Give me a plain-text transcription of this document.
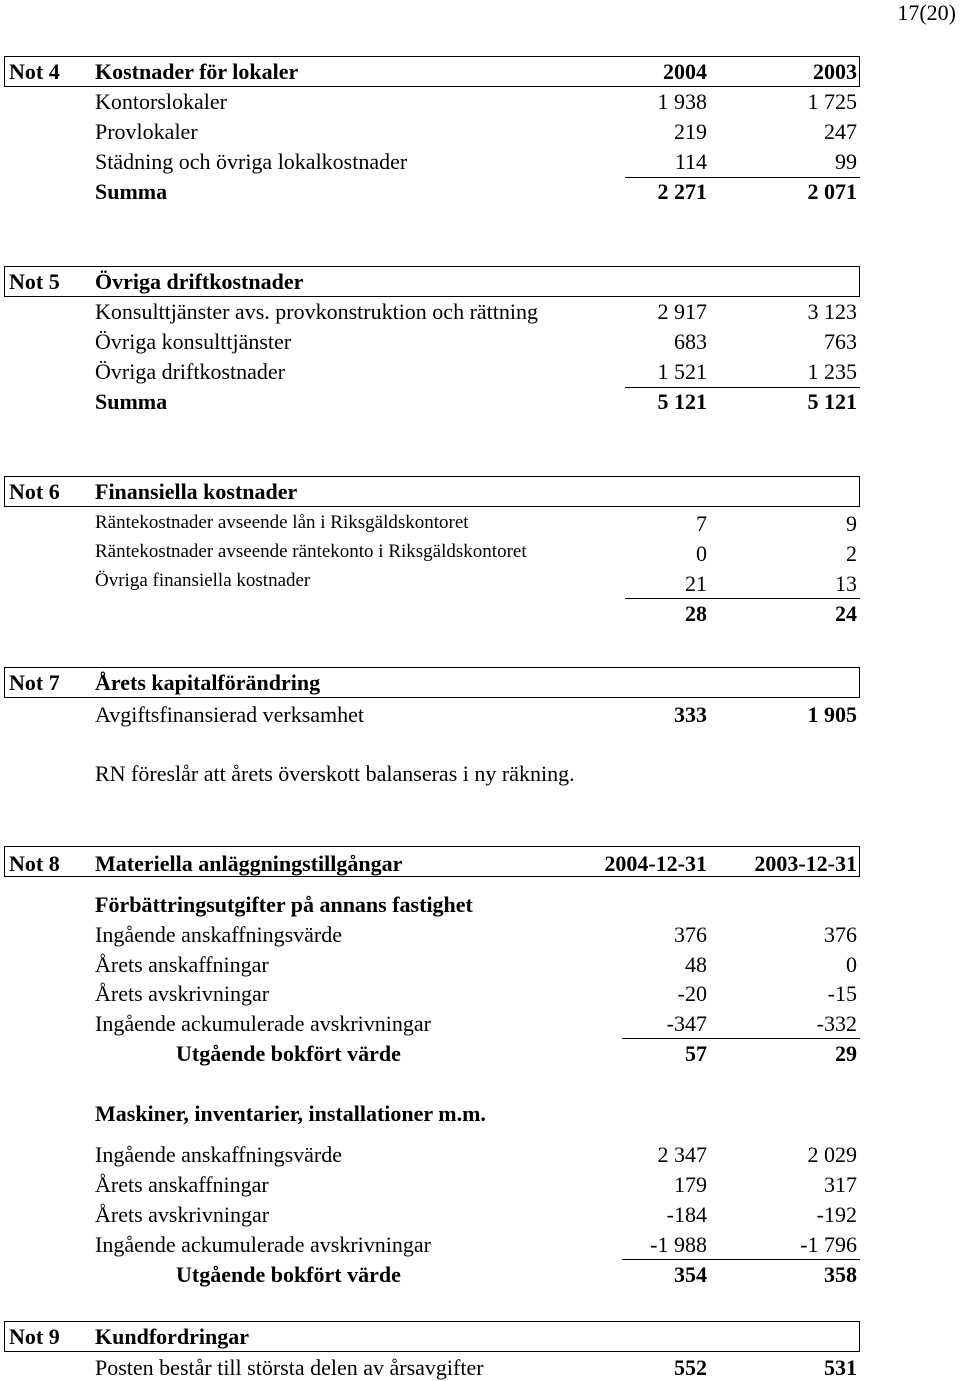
17(20)
Not 4 Kostnader för lokaler	2004	2003
Kontorslokaler	1 938	1 725
Provlokaler	219	247
Städning och övriga lokalkostnader	114	99
Summa	2 271	2 071
Not 5 Övriga driftkostnader
Konsulttjänster avs. provkonstruktion och rättning	2 917	3 123
Övriga konsulttjänster	683	763
Övriga driftkostnader	1 521	1 235
Summa	5 121	5 121
Not 6 Finansiella kostnader
Räntekostnader avseende lån i Riksgäldskontoret	7	9
Räntekostnader avseende räntekonto i Riksgäldskontoret	0	2
Övriga finansiella kostnader	21	13
28	24
Not 7 Årets kapitalförändring
Avgiftsfinansierad verksamhet	333	1 905
RN föreslår att årets överskott balanseras i ny räkning.
Not 8 Materiella anläggningstillgångar	2004-12-31 2003-12-31
Förbättringsutgifter på annans fastighet
Ingående anskaffningsvärde	376	376
Årets anskaffningar	48	0
Årets avskrivningar	-20	-15
Ingående ackumulerade avskrivningar	-347	-332
Utgående bokfört värde	57	29
Maskiner, inventarier, installationer m.m.
Ingående anskaffningsvärde	2 347	2 029
Årets anskaffningar	179	317
Årets avskrivningar	-184	-192
Ingående ackumulerade avskrivningar	-1 988	-1 796
Utgående bokfört värde	354	358
Not 9 Kundfordringar
Posten består till största delen av årsavgifter	552	531
